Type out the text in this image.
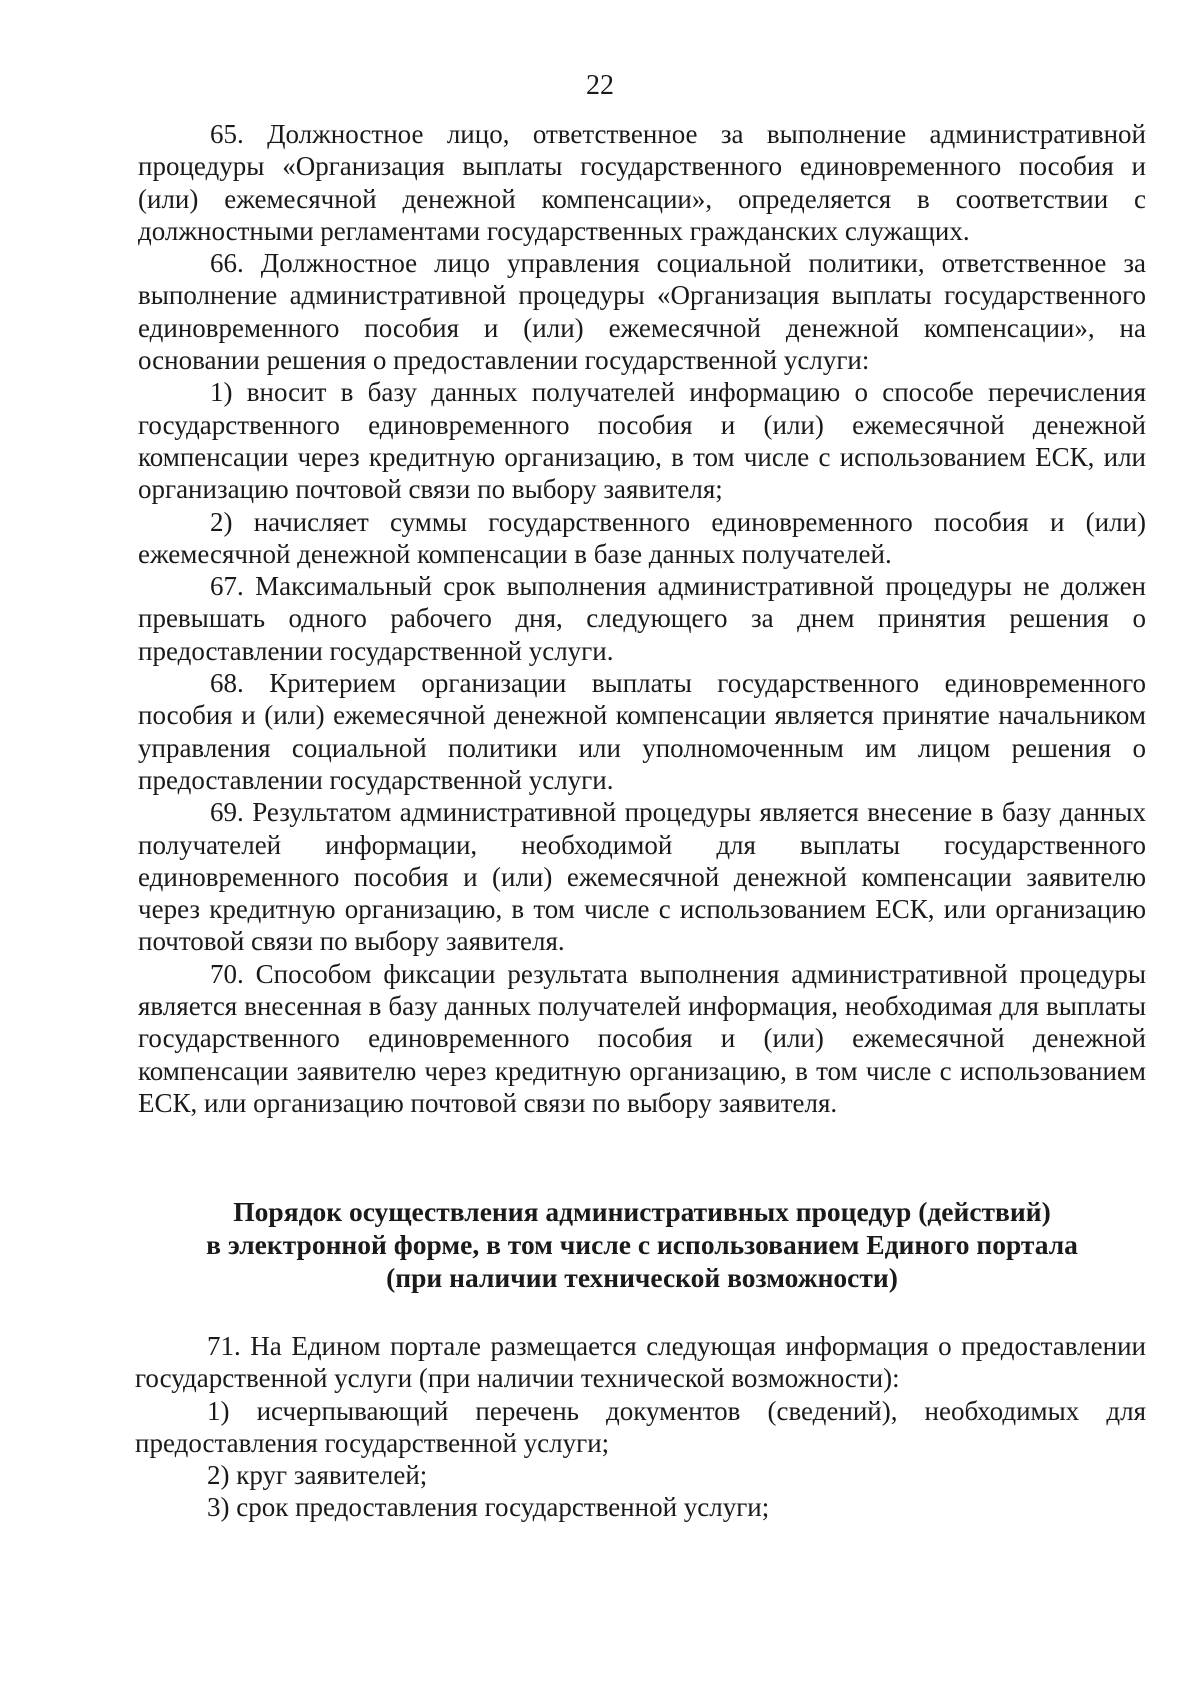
22

65. Должностное лицо, ответственное за выполнение административной процедуры «Организация выплаты государственного единовременного пособия и (или) ежемесячной денежной компенсации», определяется в соответствии с должностными регламентами государственных гражданских служащих.

66. Должностное лицо управления социальной политики, ответственное за выполнение административной процедуры «Организация выплаты государственного единовременного пособия и (или) ежемесячной денежной компенсации», на основании решения о предоставлении государственной услуги:

1) вносит в базу данных получателей информацию о способе перечисления государственного единовременного пособия и (или) ежемесячной денежной компенсации через кредитную организацию, в том числе с использованием ЕСК, или организацию почтовой связи по выбору заявителя;

2) начисляет суммы государственного единовременного пособия и (или) ежемесячной денежной компенсации в базе данных получателей.

67. Максимальный срок выполнения административной процедуры не должен превышать одного рабочего дня, следующего за днем принятия решения о предоставлении государственной услуги.

68. Критерием организации выплаты государственного единовременного пособия и (или) ежемесячной денежной компенсации является принятие начальником управления социальной политики или уполномоченным им лицом решения о предоставлении государственной услуги.

69. Результатом административной процедуры является внесение в базу данных получателей информации, необходимой для выплаты государственного единовременного пособия и (или) ежемесячной денежной компенсации заявителю через кредитную организацию, в том числе с использованием ЕСК, или организацию почтовой связи по выбору заявителя.

70. Способом фиксации результата выполнения административной процедуры является внесенная в базу данных получателей информация, необходимая для выплаты государственного единовременного пособия и (или) ежемесячной денежной компенсации заявителю через кредитную организацию, в том числе с использованием ЕСК, или организацию почтовой связи по выбору заявителя.

Порядок осуществления административных процедур (действий)
в электронной форме, в том числе с использованием Единого портала
(при наличии технической возможности)

71. На Едином портале размещается следующая информация о предоставлении государственной услуги (при наличии технической возможности):

1) исчерпывающий перечень документов (сведений), необходимых для предоставления государственной услуги;

2) круг заявителей;

3) срок предоставления государственной услуги;
